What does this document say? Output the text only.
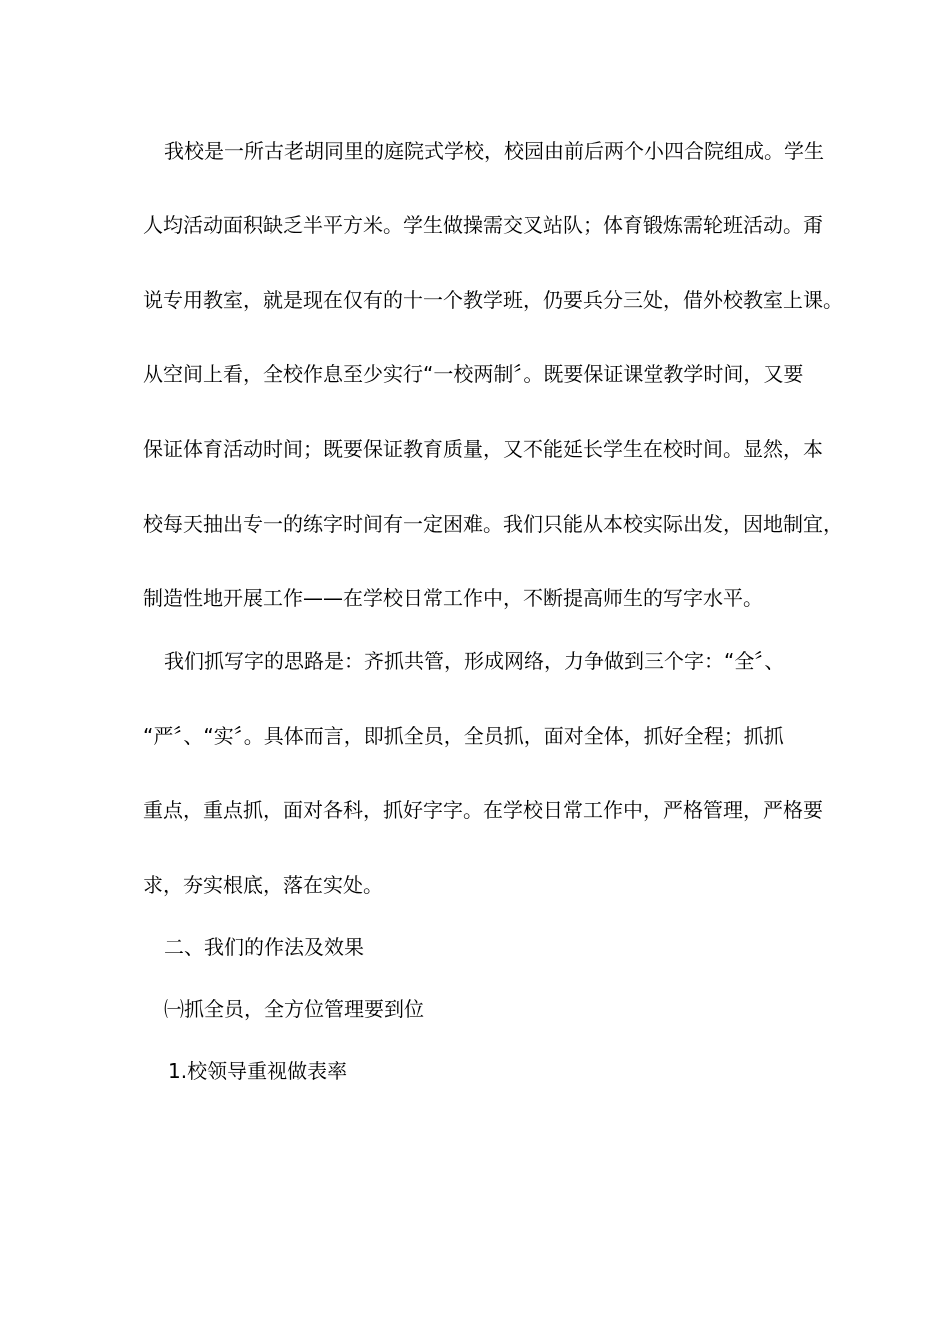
我校是一所古老胡同里的庭院式学校，校园由前后两个小四合院组成。学生
人均活动面积缺乏半平方米。学生做操需交叉站队；体育锻炼需轮班活动。甭
说专用教室，就是现在仅有的十一个教学班，仍要兵分三处，借外校教室上课。
从空间上看，全校作息至少实行“一校两制〞。既要保证课堂教学时间，又要
保证体育活动时间；既要保证教育质量，又不能延长学生在校时间。显然，本
校每天抽出专一的练字时间有一定困难。我们只能从本校实际出发，因地制宜，
制造性地开展工作——在学校日常工作中，不断提高师生的写字水平。
我们抓写字的思路是：齐抓共管，形成网络，力争做到三个字：“全〞、
“严〞、“实〞。具体而言，即抓全员，全员抓，面对全体，抓好全程；抓抓
重点，重点抓，面对各科，抓好字字。在学校日常工作中，严格管理，严格要
求，夯实根底，落在实处。
二、我们的作法及效果
㈠抓全员，全方位管理要到位
1.校领导重视做表率
